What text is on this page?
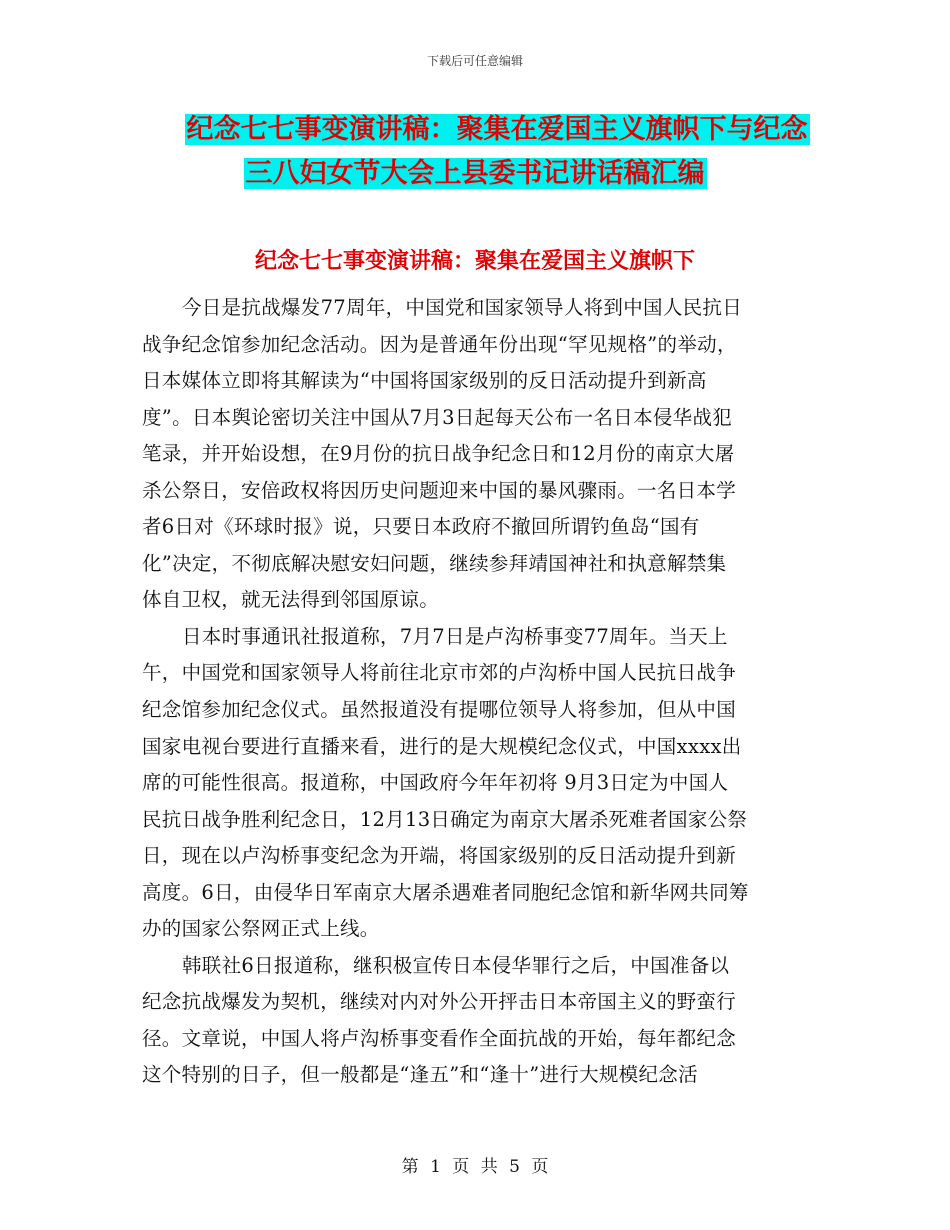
下载后可任意编辑
纪念七七事变演讲稿：聚集在爱国主义旗帜下与纪念
三八妇女节大会上县委书记讲话稿汇编
纪念七七事变演讲稿：聚集在爱国主义旗帜下
今日是抗战爆发77周年，中国党和国家领导人将到中国人民抗日
战争纪念馆参加纪念活动。因为是普通年份出现“罕见规格”的举动，
日本媒体立即将其解读为“中国将国家级别的反日活动提升到新高
度”。日本舆论密切关注中国从7月3日起每天公布一名日本侵华战犯
笔录，并开始设想，在9月份的抗日战争纪念日和12月份的南京大屠
杀公祭日，安倍政权将因历史问题迎来中国的暴风骤雨。一名日本学
者6日对《环球时报》说，只要日本政府不撤回所谓钓鱼岛“国有
化”决定，不彻底解决慰安妇问题，继续参拜靖国神社和执意解禁集
体自卫权，就无法得到邻国原谅。
日本时事通讯社报道称，7月7日是卢沟桥事变77周年。当天上
午，中国党和国家领导人将前往北京市郊的卢沟桥中国人民抗日战争
纪念馆参加纪念仪式。虽然报道没有提哪位领导人将参加，但从中国
国家电视台要进行直播来看，进行的是大规模纪念仪式，中国xxxx出
席的可能性很高。报道称，中国政府今年年初将 9月3日定为中国人
民抗日战争胜利纪念日，12月13日确定为南京大屠杀死难者国家公祭
日，现在以卢沟桥事变纪念为开端，将国家级别的反日活动提升到新
高度。6日，由侵华日军南京大屠杀遇难者同胞纪念馆和新华网共同筹
办的国家公祭网正式上线。
韩联社6日报道称，继积极宣传日本侵华罪行之后，中国准备以
纪念抗战爆发为契机，继续对内对外公开抨击日本帝国主义的野蛮行
径。文章说，中国人将卢沟桥事变看作全面抗战的开始，每年都纪念
这个特别的日子，但一般都是“逢五”和“逢十”进行大规模纪念活
第 1 页 共 5 页
